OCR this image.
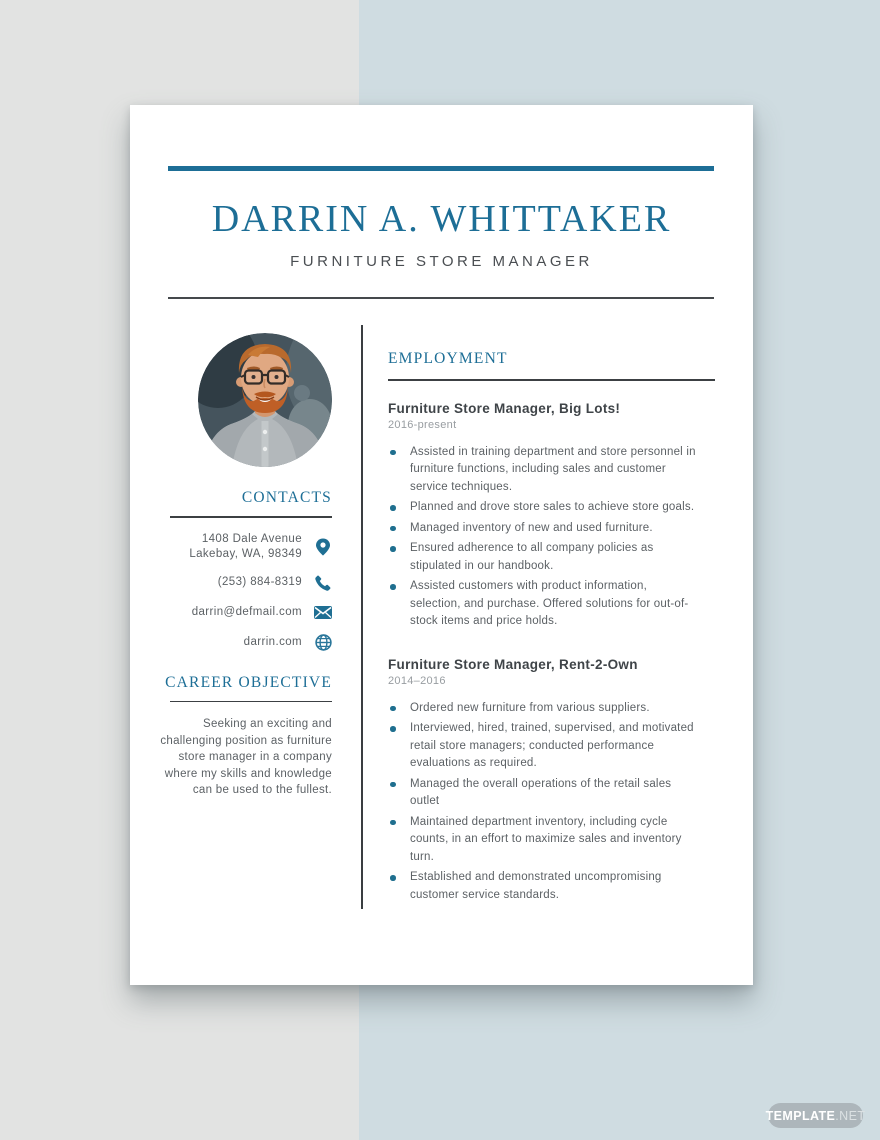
DARRIN A. WHITTAKER
FURNITURE STORE MANAGER
CONTACTS
1408 Dale Avenue
Lakebay, WA, 98349
(253) 884-8319
darrin@defmail.com
darrin.com
CAREER OBJECTIVE
Seeking an exciting and challenging position as furniture store manager in a company where my skills and knowledge can be used to the fullest.
EMPLOYMENT
Furniture Store Manager, Big Lots!
2016-present
Assisted in training department and store personnel in furniture functions, including sales and customer service techniques.
Planned and drove store sales to achieve store goals.
Managed inventory of new and used furniture.
Ensured adherence to all company policies as stipulated in our handbook.
Assisted customers with product information, selection, and purchase. Offered solutions for out-of-stock items and price holds.
Furniture Store Manager, Rent-2-Own
2014–2016
Ordered new furniture from various suppliers.
Interviewed, hired, trained, supervised, and motivated retail store managers; conducted performance evaluations as required.
Managed the overall operations of the retail sales outlet
Maintained department inventory, including cycle counts, in an effort to maximize sales and inventory turn.
Established and demonstrated uncompromising customer service standards.
TEMPLATE .NET
